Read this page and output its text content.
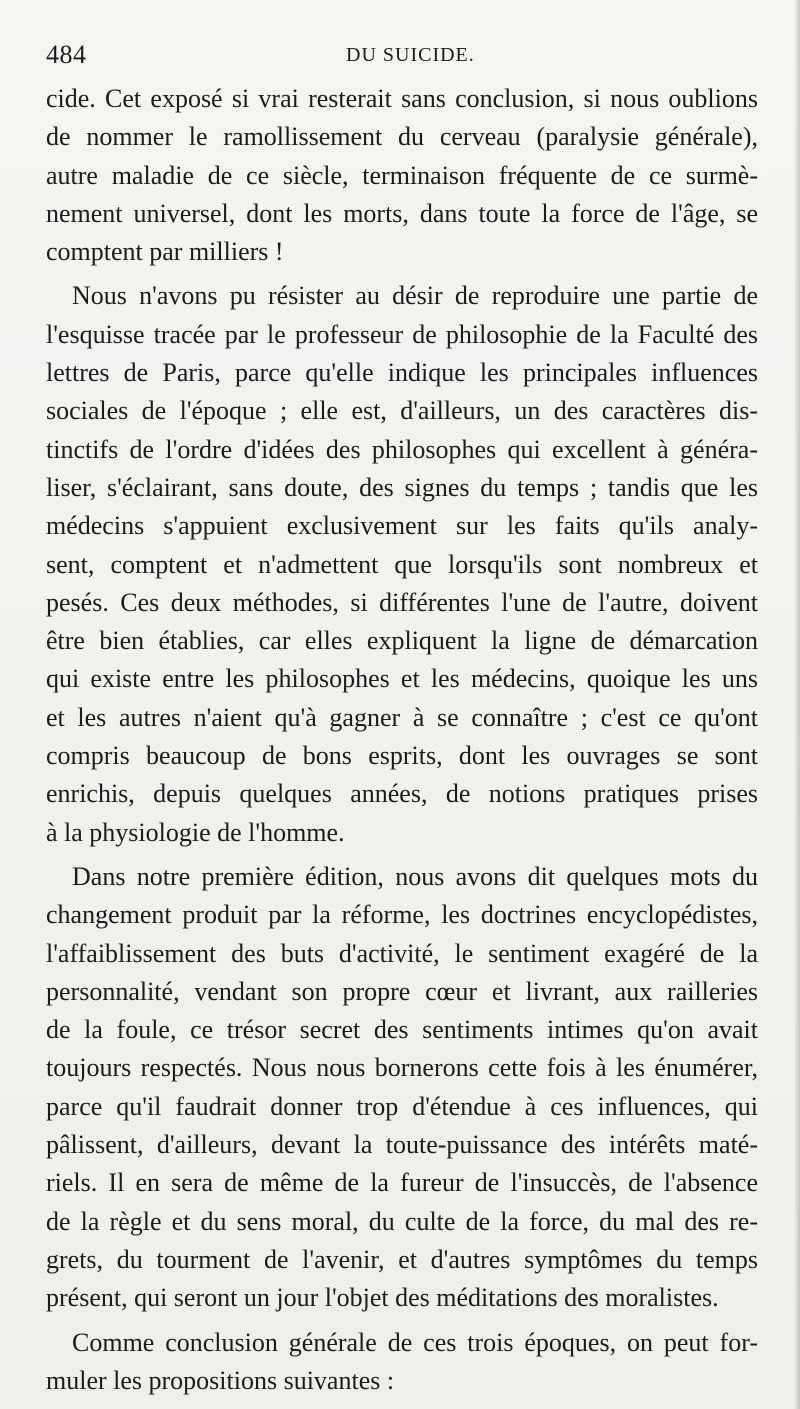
484	DU SUICIDE.

cide. Cet exposé si vrai resterait sans conclusion, si nous oublions
de nommer le ramollissement du cerveau (paralysie générale),
autre maladie de ce siècle, terminaison fréquente de ce surmè-
nement universel, dont les morts, dans toute la force de l'âge, se
comptent par milliers !

Nous n'avons pu résister au désir de reproduire une partie de
l'esquisse tracée par le professeur de philosophie de la Faculté des
lettres de Paris, parce qu'elle indique les principales influences
sociales de l'époque ; elle est, d'ailleurs, un des caractères dis-
tinctifs de l'ordre d'idées des philosophes qui excellent à généra-
liser, s'éclairant, sans doute, des signes du temps ; tandis que les
médecins s'appuient exclusivement sur les faits qu'ils analy-
sent, comptent et n'admettent que lorsqu'ils sont nombreux et
pesés. Ces deux méthodes, si différentes l'une de l'autre, doivent
être bien établies, car elles expliquent la ligne de démarcation
qui existe entre les philosophes et les médecins, quoique les uns
et les autres n'aient qu'à gagner à se connaître ; c'est ce qu'ont
compris beaucoup de bons esprits, dont les ouvrages se sont
enrichis, depuis quelques années, de notions pratiques prises
à la physiologie de l'homme.

Dans notre première édition, nous avons dit quelques mots du
changement produit par la réforme, les doctrines encyclopédistes,
l'affaiblissement des buts d'activité, le sentiment exagéré de la
personnalité, vendant son propre cœur et livrant, aux railleries
de la foule, ce trésor secret des sentiments intimes qu'on avait
toujours respectés. Nous nous bornerons cette fois à les énumérer,
parce qu'il faudrait donner trop d'étendue à ces influences, qui
pâlissent, d'ailleurs, devant la toute-puissance des intérêts maté-
riels. Il en sera de même de la fureur de l'insuccès, de l'absence
de la règle et du sens moral, du culte de la force, du mal des re-
grets, du tourment de l'avenir, et d'autres symptômes du temps
présent, qui seront un jour l'objet des méditations des moralistes.

Comme conclusion générale de ces trois époques, on peut for-
muler les propositions suivantes :
